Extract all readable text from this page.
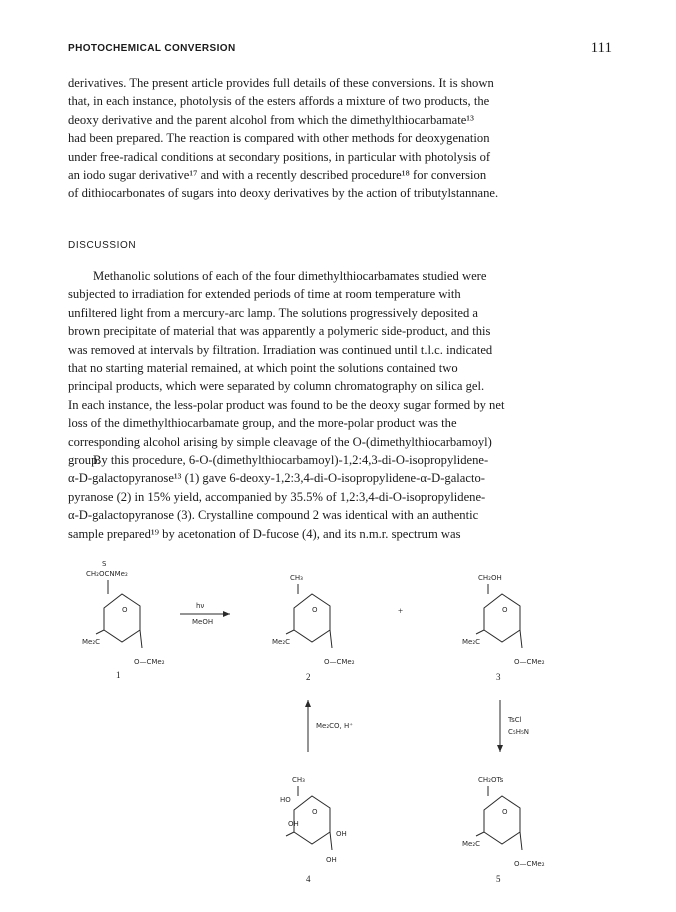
PHOTOCHEMICAL CONVERSION	111
derivatives. The present article provides full details of these conversions. It is shown
that, in each instance, photolysis of the esters affords a mixture of two products, the
deoxy derivative and the parent alcohol from which the dimethylthiocarbamate¹³
had been prepared. The reaction is compared with other methods for deoxygenation
under free-radical conditions at secondary positions, in particular with photolysis of
an iodo sugar derivative¹⁷ and with a recently described procedure¹⁸ for conversion
of dithiocarbonates of sugars into deoxy derivatives by the action of tributylstannane.
DISCUSSION
Methanolic solutions of each of the four dimethylthiocarbamates studied were
subjected to irradiation for extended periods of time at room temperature with
unfiltered light from a mercury-arc lamp. The solutions progressively deposited a
brown precipitate of material that was apparently a polymeric side-product, and this
was removed at intervals by filtration. Irradiation was continued until t.l.c. indicated
that no starting material remained, at which point the solutions contained two
principal products, which were separated by column chromatography on silica gel.
In each instance, the less-polar product was found to be the deoxy sugar formed by net
loss of the dimethylthiocarbamate group, and the more-polar product was the
corresponding alcohol arising by simple cleavage of the O-(dimethylthiocarbamoyl)
group.
By this procedure, 6-O-(dimethylthiocarbamoyl)-1,2:4,3-di-O-isopropylidene-
α-D-galactopyranose¹³ (1) gave 6-deoxy-1,2:3,4-di-O-isopropylidene-α-D-galacto-
pyranose (2) in 15% yield, accompanied by 35.5% of 1,2:3,4-di-O-isopropylidene-
α-D-galactopyranose (3). Crystalline compound 2 was identical with an authentic
sample prepared¹⁹ by acetonation of D-fucose (4), and its n.m.r. spectrum was
S
CH₂OCNMe₂
O
Me₂C
O—CMe₂
1
hν
MeOH
CH₃
O
Me₂C
O—CMe₂
2
+
CH₂OH
O
Me₂C
O—CMe₂
3
Me₂CO, H⁺
TsCl
C₅H₅N
CH₃
O
HO
OH
OH
OH
4
CH₂OTs
O
Me₂C
O—CMe₂
5
